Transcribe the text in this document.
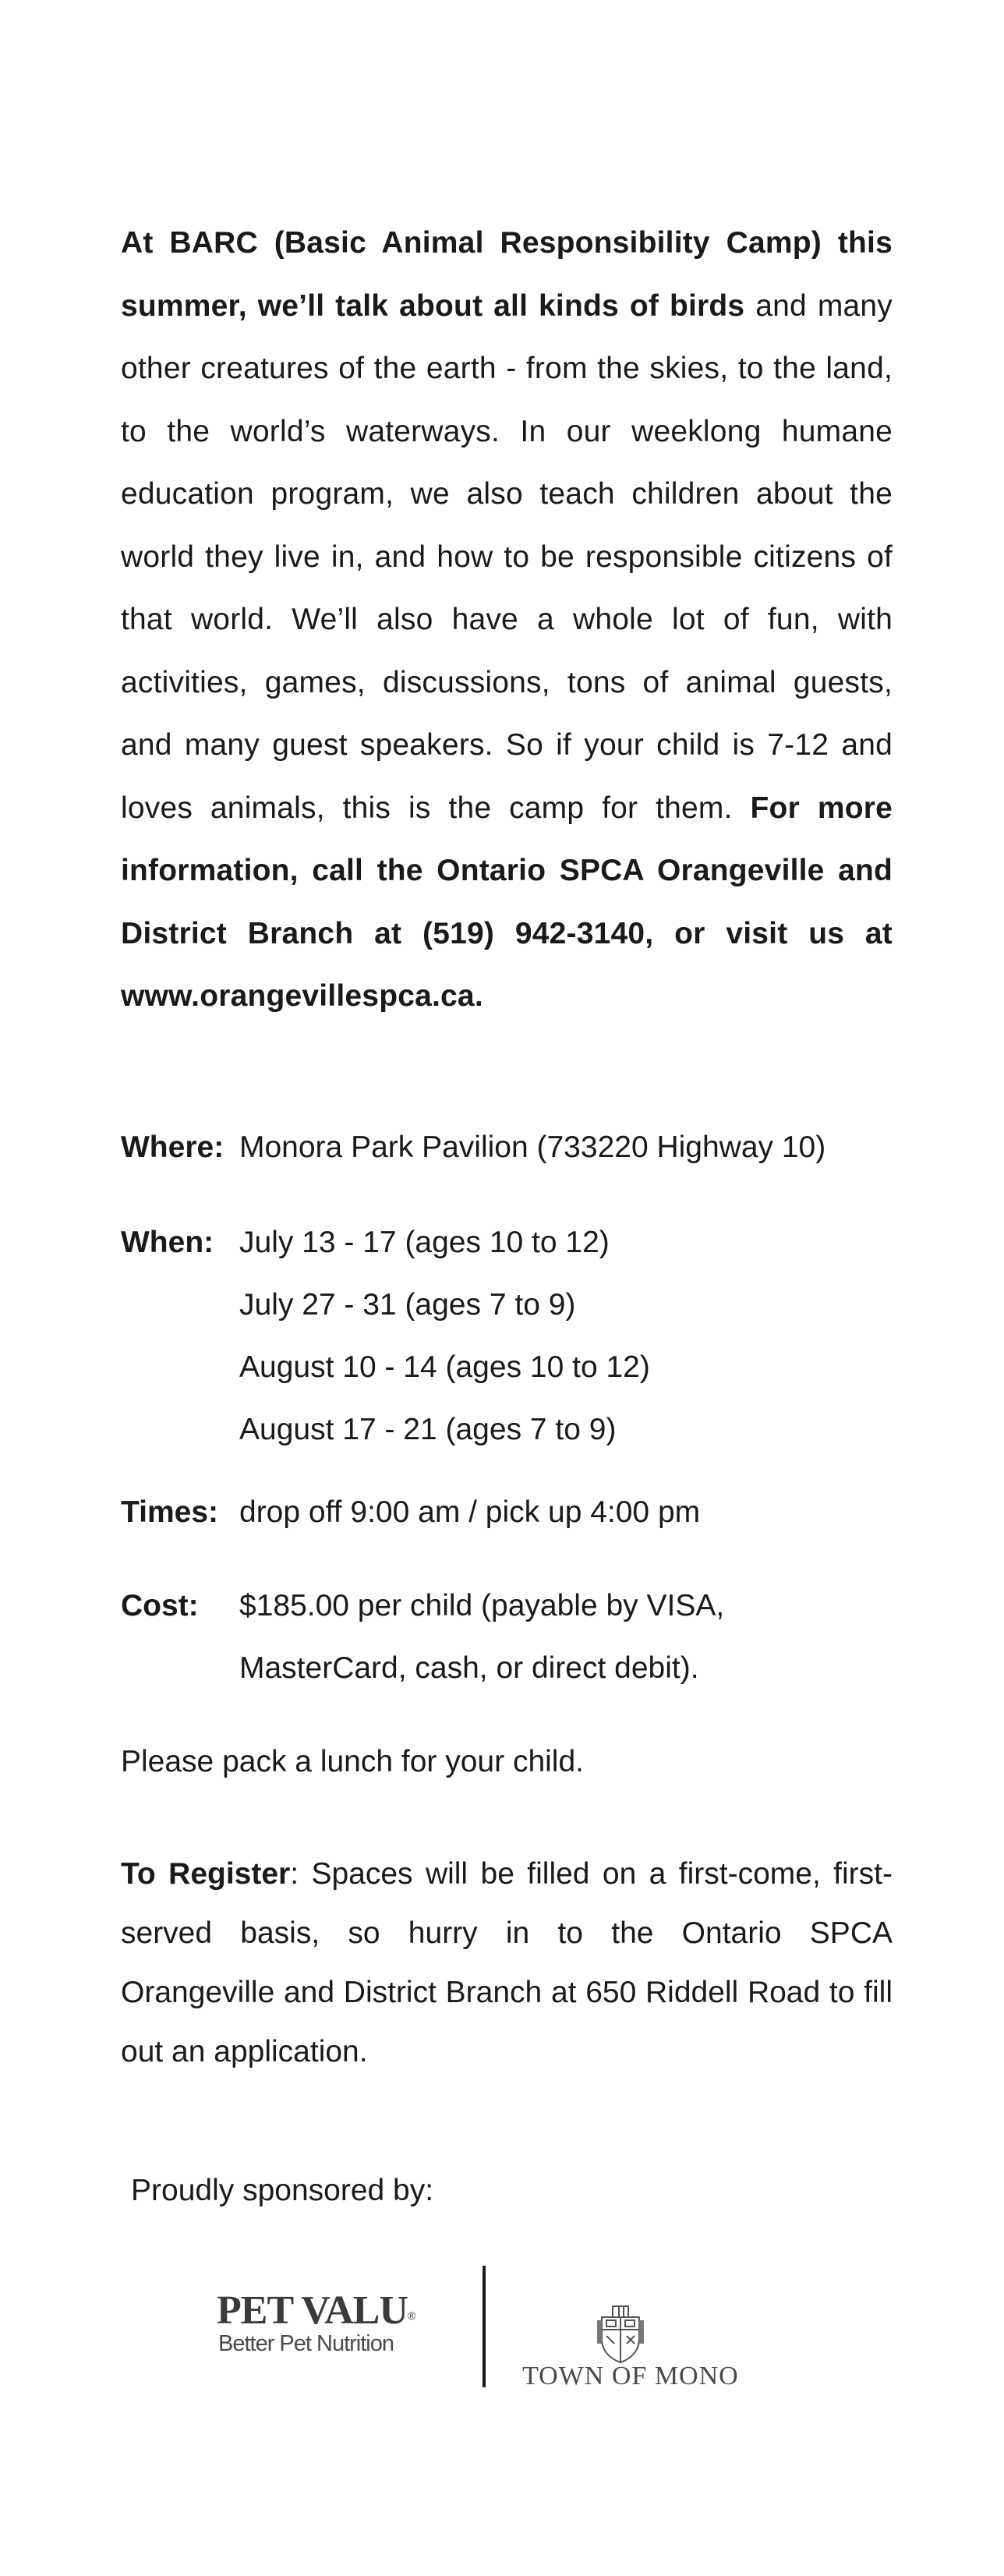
At BARC (Basic Animal Responsibility Camp) this summer, we’ll talk about all kinds of birds and many other creatures of the earth - from the skies, to the land, to the world’s waterways. In our weeklong humane education program, we also teach children about the world they live in, and how to be responsible citizens of that world. We’ll also have a whole lot of fun, with activities, games, discussions, tons of animal guests, and many guest speakers. So if your child is 7-12 and loves animals, this is the camp for them. For more information, call the Ontario SPCA Orangeville and District Branch at (519) 942-3140, or visit us at www.orangevillespca.ca.

Where: Monora Park Pavilion (733220 Highway 10)
When: July 13 - 17 (ages 10 to 12)
July 27 - 31 (ages 7 to 9)
August 10 - 14 (ages 10 to 12)
August 17 - 21 (ages 7 to 9)
Times: drop off 9:00 am / pick up 4:00 pm
Cost: $185.00 per child (payable by VISA,
MasterCard, cash, or direct debit).
Please pack a lunch for your child.

To Register: Spaces will be filled on a first-come, first-served basis, so hurry in to the Ontario SPCA Orangeville and District Branch at 650 Riddell Road to fill out an application.

Proudly sponsored by:
PET VALU®
Better Pet Nutrition
TOWN OF MONO
